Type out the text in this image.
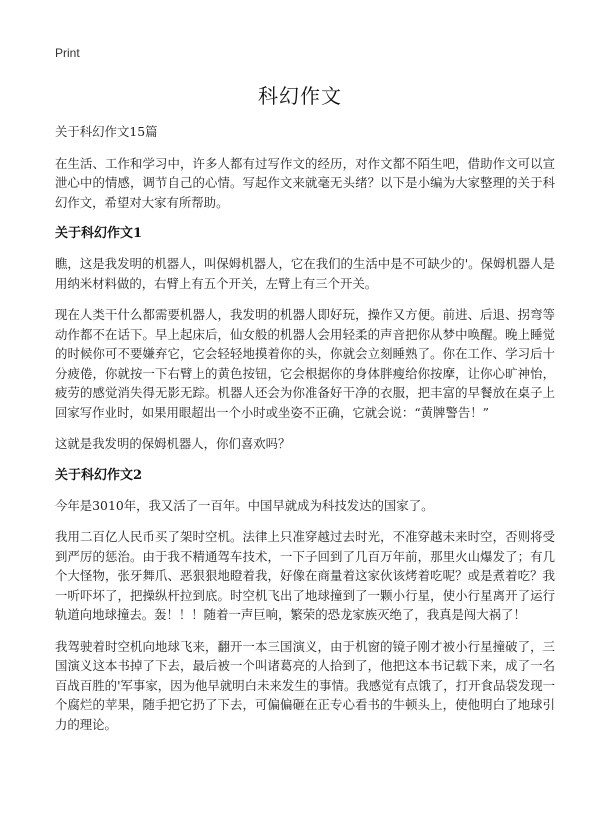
Print
科幻作文

关于科幻作文15篇

在生活、工作和学习中，许多人都有过写作文的经历，对作文都不陌生吧，借助作文可以宣泄心中的情感，调节自己的心情。写起作文来就毫无头绪？以下是小编为大家整理的关于科幻作文，希望对大家有所帮助。

关于科幻作文1

瞧，这是我发明的机器人，叫保姆机器人，它在我们的生活中是不可缺少的'。保姆机器人是用纳米材料做的，右臂上有五个开关，左臂上有三个开关。

现在人类干什么都需要机器人，我发明的机器人即好玩，操作又方便。前进、后退、拐弯等动作都不在话下。早上起床后，仙女般的机器人会用轻柔的声音把你从梦中唤醒。晚上睡觉的时候你可不要嫌弃它，它会轻轻地摸着你的头，你就会立刻睡熟了。你在工作、学习后十分疲倦，你就按一下右臂上的黄色按钮，它会根据你的身体胖瘦给你按摩，让你心旷神怡，疲劳的感觉消失得无影无踪。机器人还会为你准备好干净的衣服，把丰富的早餐放在桌子上回家写作业时，如果用眼超出一个小时或坐姿不正确，它就会说：“黄牌警告！”

这就是我发明的保姆机器人，你们喜欢吗？

关于科幻作文2

今年是3010年，我又活了一百年。中国早就成为科技发达的国家了。

我用二百亿人民币买了架时空机。法律上只准穿越过去时光，不准穿越未来时空，否则将受到严厉的惩治。由于我不精通驾车技术，一下子回到了几百万年前，那里火山爆发了；有几个大怪物，张牙舞爪、恶狠狠地瞪着我，好像在商量着这家伙该烤着吃呢？或是煮着吃？我一听吓坏了，把操纵杆拉到底。时空机飞出了地球撞到了一颗小行星，使小行星离开了运行轨道向地球撞去。轰！！！随着一声巨响，繁荣的恐龙家族灭绝了，我真是闯大祸了！

我驾驶着时空机向地球飞来，翻开一本三国演义，由于机窗的镜子刚才被小行星撞破了，三国演义这本书掉了下去，最后被一个叫诸葛亮的人拾到了，他把这本书记载下来，成了一名百战百胜的'军事家，因为他早就明白未来发生的事情。我感觉有点饿了，打开食品袋发现一个腐烂的苹果，随手把它扔了下去，可偏偏砸在正专心看书的牛顿头上，使他明白了地球引力的理论。
